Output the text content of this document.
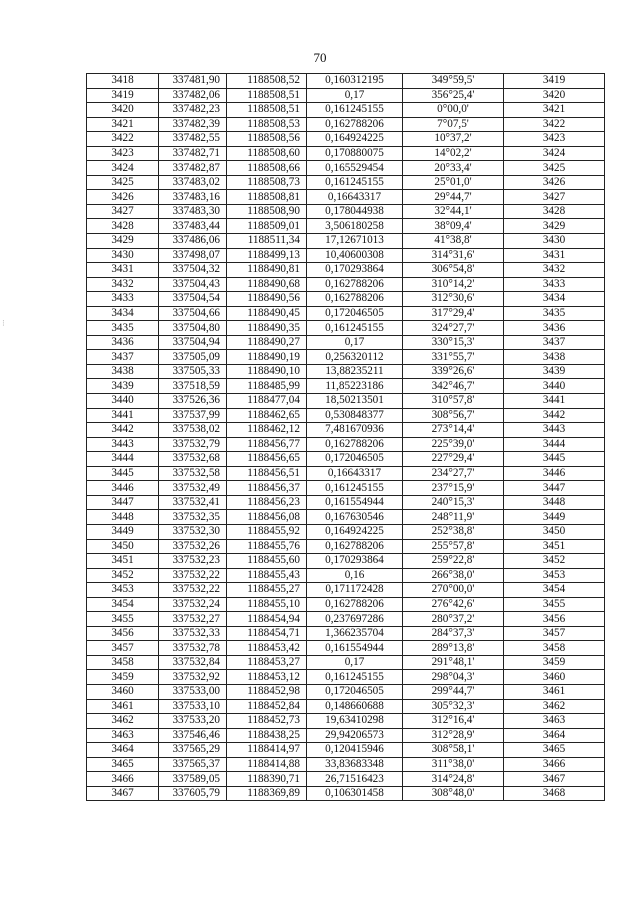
70
⁝
3418	337481,90	1188508,52	0,160312195	349°59,5'	3419
3419	337482,06	1188508,51	0,17	356°25,4'	3420
3420	337482,23	1188508,51	0,161245155	0°00,0'	3421
3421	337482,39	1188508,53	0,162788206	7°07,5'	3422
3422	337482,55	1188508,56	0,164924225	10°37,2'	3423
3423	337482,71	1188508,60	0,170880075	14°02,2'	3424
3424	337482,87	1188508,66	0,165529454	20°33,4'	3425
3425	337483,02	1188508,73	0,161245155	25°01,0'	3426
3426	337483,16	1188508,81	0,16643317	29°44,7'	3427
3427	337483,30	1188508,90	0,178044938	32°44,1'	3428
3428	337483,44	1188509,01	3,506180258	38°09,4'	3429
3429	337486,06	1188511,34	17,12671013	41°38,8'	3430
3430	337498,07	1188499,13	10,40600308	314°31,6'	3431
3431	337504,32	1188490,81	0,170293864	306°54,8'	3432
3432	337504,43	1188490,68	0,162788206	310°14,2'	3433
3433	337504,54	1188490,56	0,162788206	312°30,6'	3434
3434	337504,66	1188490,45	0,172046505	317°29,4'	3435
3435	337504,80	1188490,35	0,161245155	324°27,7'	3436
3436	337504,94	1188490,27	0,17	330°15,3'	3437
3437	337505,09	1188490,19	0,256320112	331°55,7'	3438
3438	337505,33	1188490,10	13,88235211	339°26,6'	3439
3439	337518,59	1188485,99	11,85223186	342°46,7'	3440
3440	337526,36	1188477,04	18,50213501	310°57,8'	3441
3441	337537,99	1188462,65	0,530848377	308°56,7'	3442
3442	337538,02	1188462,12	7,481670936	273°14,4'	3443
3443	337532,79	1188456,77	0,162788206	225°39,0'	3444
3444	337532,68	1188456,65	0,172046505	227°29,4'	3445
3445	337532,58	1188456,51	0,16643317	234°27,7'	3446
3446	337532,49	1188456,37	0,161245155	237°15,9'	3447
3447	337532,41	1188456,23	0,161554944	240°15,3'	3448
3448	337532,35	1188456,08	0,167630546	248°11,9'	3449
3449	337532,30	1188455,92	0,164924225	252°38,8'	3450
3450	337532,26	1188455,76	0,162788206	255°57,8'	3451
3451	337532,23	1188455,60	0,170293864	259°22,8'	3452
3452	337532,22	1188455,43	0,16	266°38,0'	3453
3453	337532,22	1188455,27	0,171172428	270°00,0'	3454
3454	337532,24	1188455,10	0,162788206	276°42,6'	3455
3455	337532,27	1188454,94	0,237697286	280°37,2'	3456
3456	337532,33	1188454,71	1,366235704	284°37,3'	3457
3457	337532,78	1188453,42	0,161554944	289°13,8'	3458
3458	337532,84	1188453,27	0,17	291°48,1'	3459
3459	337532,92	1188453,12	0,161245155	298°04,3'	3460
3460	337533,00	1188452,98	0,172046505	299°44,7'	3461
3461	337533,10	1188452,84	0,148660688	305°32,3'	3462
3462	337533,20	1188452,73	19,63410298	312°16,4'	3463
3463	337546,46	1188438,25	29,94206573	312°28,9'	3464
3464	337565,29	1188414,97	0,120415946	308°58,1'	3465
3465	337565,37	1188414,88	33,83683348	311°38,0'	3466
3466	337589,05	1188390,71	26,71516423	314°24,8'	3467
3467	337605,79	1188369,89	0,106301458	308°48,0'	3468
